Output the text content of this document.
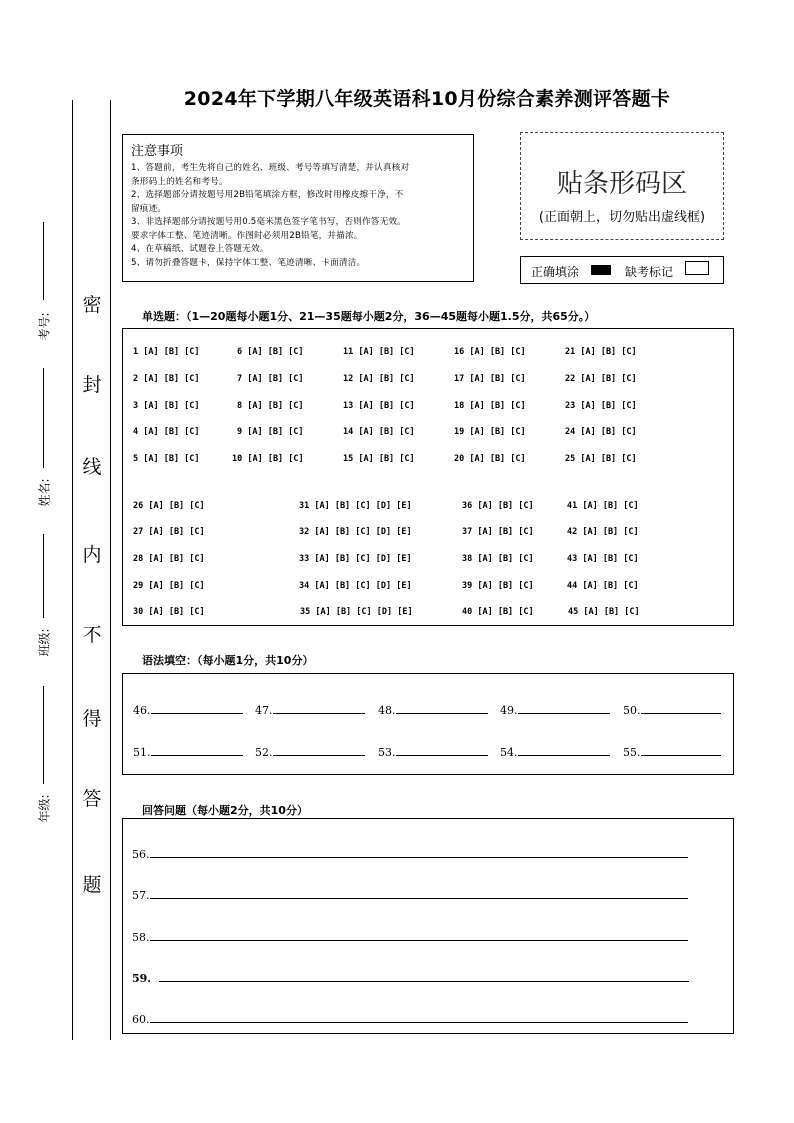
2024年下学期八年级英语科10月份综合素养测评答题卡
密
封
线
内
不
得
答
题
考号:
姓名:
班级:
年级:
注意事项
1、答题前，考生先将自己的姓名、班级、考号等填写清楚，并认真核对
条形码上的姓名和考号。
2、选择题部分请按题号用2B铅笔填涂方框，修改时用橡皮擦干净，不
留痕迹。
3、非选择题部分请按题号用0.5毫米黑色签字笔书写，否则作答无效。
要求字体工整、笔迹清晰。作图时必须用2B铅笔，并描浓。
4、在草稿纸、试题卷上答题无效。
5、请勿折叠答题卡，保持字体工整、笔迹清晰、卡面清洁。
贴条形码区
(正面朝上，切勿贴出虚线框)
正确填涂	缺考标记
单选题：（1—20题每小题1分、21—35题每小题2分，36—45题每小题1.5分，共65分。）
1 [A] [B] [C]	6 [A] [B] [C]	11 [A] [B] [C]	16 [A] [B] [C]	21 [A] [B] [C]
2 [A] [B] [C]	7 [A] [B] [C]	12 [A] [B] [C]	17 [A] [B] [C]	22 [A] [B] [C]
3 [A] [B] [C]	8 [A] [B] [C]	13 [A] [B] [C]	18 [A] [B] [C]	23 [A] [B] [C]
4 [A] [B] [C]	9 [A] [B] [C]	14 [A] [B] [C]	19 [A] [B] [C]	24 [A] [B] [C]
5 [A] [B] [C]	10 [A] [B] [C]	15 [A] [B] [C]	20 [A] [B] [C]	25 [A] [B] [C]
26 [A] [B] [C]	31 [A] [B] [C] [D] [E]	36 [A] [B] [C]	41 [A] [B] [C]
27 [A] [B] [C]	32 [A] [B] [C] [D] [E]	37 [A] [B] [C]	42 [A] [B] [C]
28 [A] [B] [C]	33 [A] [B] [C] [D] [E]	38 [A] [B] [C]	43 [A] [B] [C]
29 [A] [B] [C]	34 [A] [B] [C] [D] [E]	39 [A] [B] [C]	44 [A] [B] [C]
30 [A] [B] [C]	35 [A] [B] [C] [D] [E]	40 [A] [B] [C]	45 [A] [B] [C]
语法填空：（每小题1分，共10分）
46.	47.	48.	49.	50.
51.	52.	53.	54.	55.
回答问题（每小题2分，共10分）
56.
57.
58.
59.
60.
